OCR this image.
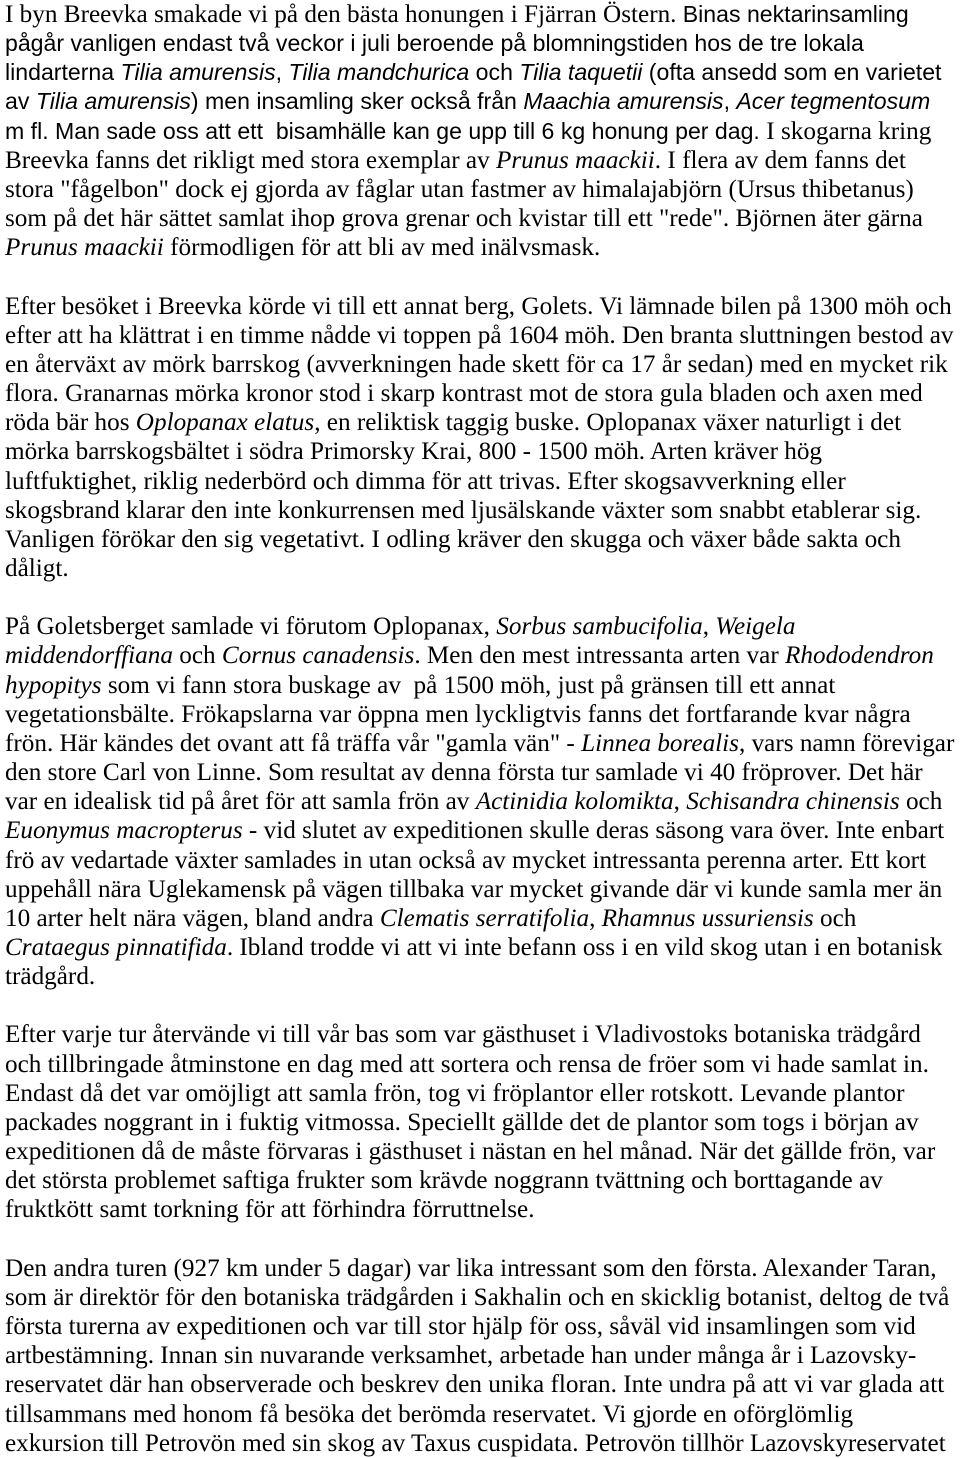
I byn Breevka smakade vi på den bästa honungen i Fjärran Östern. Binas nektarinsamling
pågår vanligen endast två veckor i juli beroende på blomningstiden hos de tre lokala
lindarterna Tilia amurensis, Tilia mandchurica och Tilia taquetii (ofta ansedd som en varietet
av Tilia amurensis) men insamling sker också från Maachia amurensis, Acer tegmentosum
m fl. Man sade oss att ett  bisamhälle kan ge upp till 6 kg honung per dag. I skogarna kring
Breevka fanns det rikligt med stora exemplar av Prunus maackii. I flera av dem fanns det
stora "fågelbon" dock ej gjorda av fåglar utan fastmer av himalajabjörn (Ursus thibetanus)
som på det här sättet samlat ihop grova grenar och kvistar till ett "rede". Björnen äter gärna
Prunus maackii förmodligen för att bli av med inälvsmask.
Efter besöket i Breevka körde vi till ett annat berg, Golets. Vi lämnade bilen på 1300 möh och
efter att ha klättrat i en timme nådde vi toppen på 1604 möh. Den branta sluttningen bestod av
en återväxt av mörk barrskog (avverkningen hade skett för ca 17 år sedan) med en mycket rik
flora. Granarnas mörka kronor stod i skarp kontrast mot de stora gula bladen och axen med
röda bär hos Oplopanax elatus, en reliktisk taggig buske. Oplopanax växer naturligt i det
mörka barrskogsbältet i södra Primorsky Krai, 800 - 1500 möh. Arten kräver hög
luftfuktighet, riklig nederbörd och dimma för att trivas. Efter skogsavverkning eller
skogsbrand klarar den inte konkurrensen med ljusälskande växter som snabbt etablerar sig.
Vanligen förökar den sig vegetativt. I odling kräver den skugga och växer både sakta och
dåligt.
På Goletsberget samlade vi förutom Oplopanax, Sorbus sambucifolia, Weigela
middendorffiana och Cornus canadensis. Men den mest intressanta arten var Rhododendron
hypopitys som vi fann stora buskage av  på 1500 möh, just på gränsen till ett annat
vegetationsbälte. Frökapslarna var öppna men lyckligtvis fanns det fortfarande kvar några
frön. Här kändes det ovant att få träffa vår "gamla vän" - Linnea borealis, vars namn förevigar
den store Carl von Linne. Som resultat av denna första tur samlade vi 40 fröprover. Det här
var en idealisk tid på året för att samla frön av Actinidia kolomikta, Schisandra chinensis och
Euonymus macropterus - vid slutet av expeditionen skulle deras säsong vara över. Inte enbart
frö av vedartade växter samlades in utan också av mycket intressanta perenna arter. Ett kort
uppehåll nära Uglekamensk på vägen tillbaka var mycket givande där vi kunde samla mer än
10 arter helt nära vägen, bland andra Clematis serratifolia, Rhamnus ussuriensis och
Crataegus pinnatifida. Ibland trodde vi att vi inte befann oss i en vild skog utan i en botanisk
trädgård.
Efter varje tur återvände vi till vår bas som var gästhuset i Vladivostoks botaniska trädgård
och tillbringade åtminstone en dag med att sortera och rensa de fröer som vi hade samlat in.
Endast då det var omöjligt att samla frön, tog vi fröplantor eller rotskott. Levande plantor
packades noggrant in i fuktig vitmossa. Speciellt gällde det de plantor som togs i början av
expeditionen då de måste förvaras i gästhuset i nästan en hel månad. När det gällde frön, var
det största problemet saftiga frukter som krävde noggrann tvättning och borttagande av
fruktkött samt torkning för att förhindra förruttnelse.
Den andra turen (927 km under 5 dagar) var lika intressant som den första. Alexander Taran,
som är direktör för den botaniska trädgården i Sakhalin och en skicklig botanist, deltog de två
första turerna av expeditionen och var till stor hjälp för oss, såväl vid insamlingen som vid
artbestämning. Innan sin nuvarande verksamhet, arbetade han under många år i Lazovsky-
reservatet där han observerade och beskrev den unika floran. Inte undra på att vi var glada att
tillsammans med honom få besöka det berömda reservatet. Vi gjorde en oförglömlig
exkursion till Petrovön med sin skog av Taxus cuspidata. Petrovön tillhör Lazovskyreservatet
